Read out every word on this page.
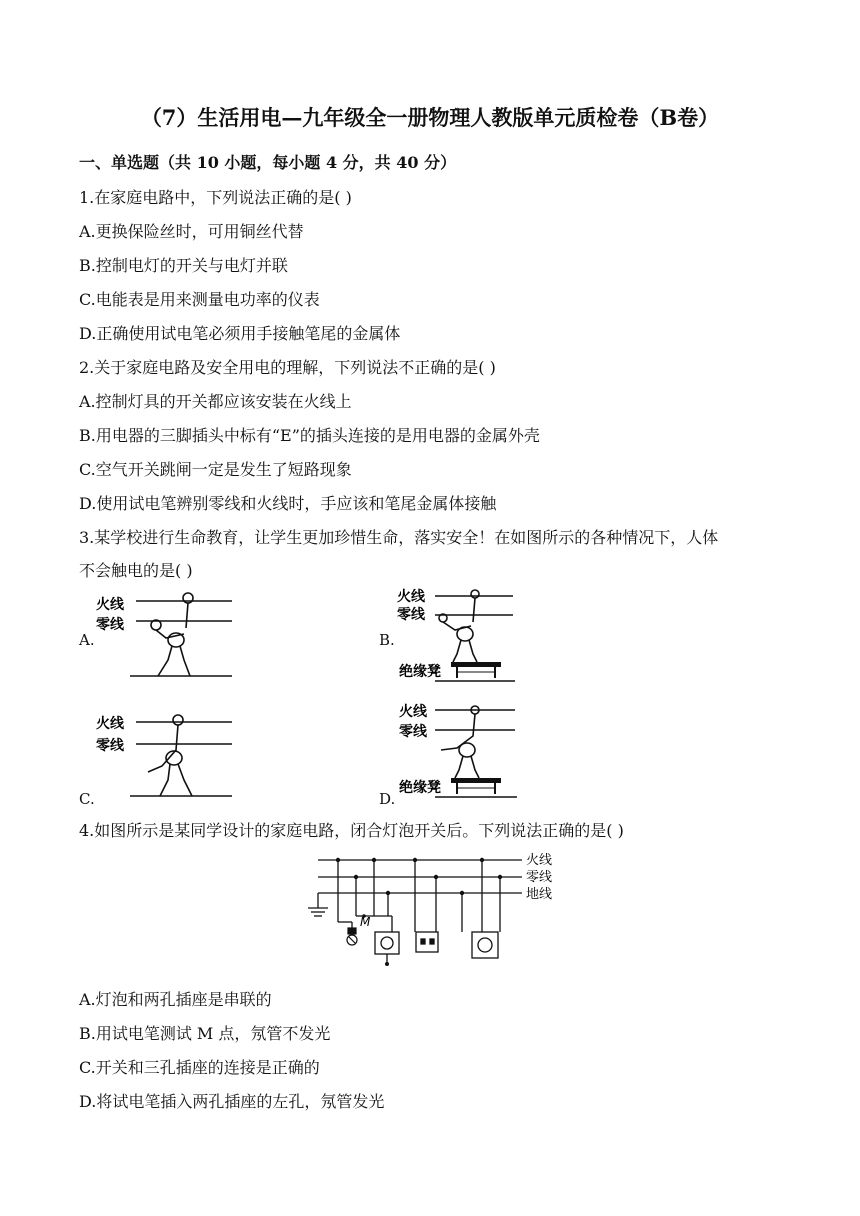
（7）生活用电—九年级全一册物理人教版单元质检卷（B卷）
一、单选题（共 10 小题，每小题 4 分，共 40 分）
1.在家庭电路中，下列说法正确的是( )
A.更换保险丝时，可用铜丝代替
B.控制电灯的开关与电灯并联
C.电能表是用来测量电功率的仪表
D.正确使用试电笔必须用手接触笔尾的金属体
2.关于家庭电路及安全用电的理解，下列说法不正确的是( )
A.控制灯具的开关都应该安装在火线上
B.用电器的三脚插头中标有“E”的插头连接的是用电器的金属外壳
C.空气开关跳闸一定是发生了短路现象
D.使用试电笔辨别零线和火线时，手应该和笔尾金属体接触
3.某学校进行生命教育，让学生更加珍惜生命，落实安全！在如图所示的各种情况下，人体
不会触电的是( )
A.	B.
C.	D.
火线
零线
火线
零线
绝缘凳
火线
零线
火线
零线
绝缘凳
4.如图所示是某同学设计的家庭电路，闭合灯泡开关后。下列说法正确的是( )
M
火线
零线
地线
A.灯泡和两孔插座是串联的
B.用试电笔测试 M 点，氖管不发光
C.开关和三孔插座的连接是正确的
D.将试电笔插入两孔插座的左孔，氖管发光
